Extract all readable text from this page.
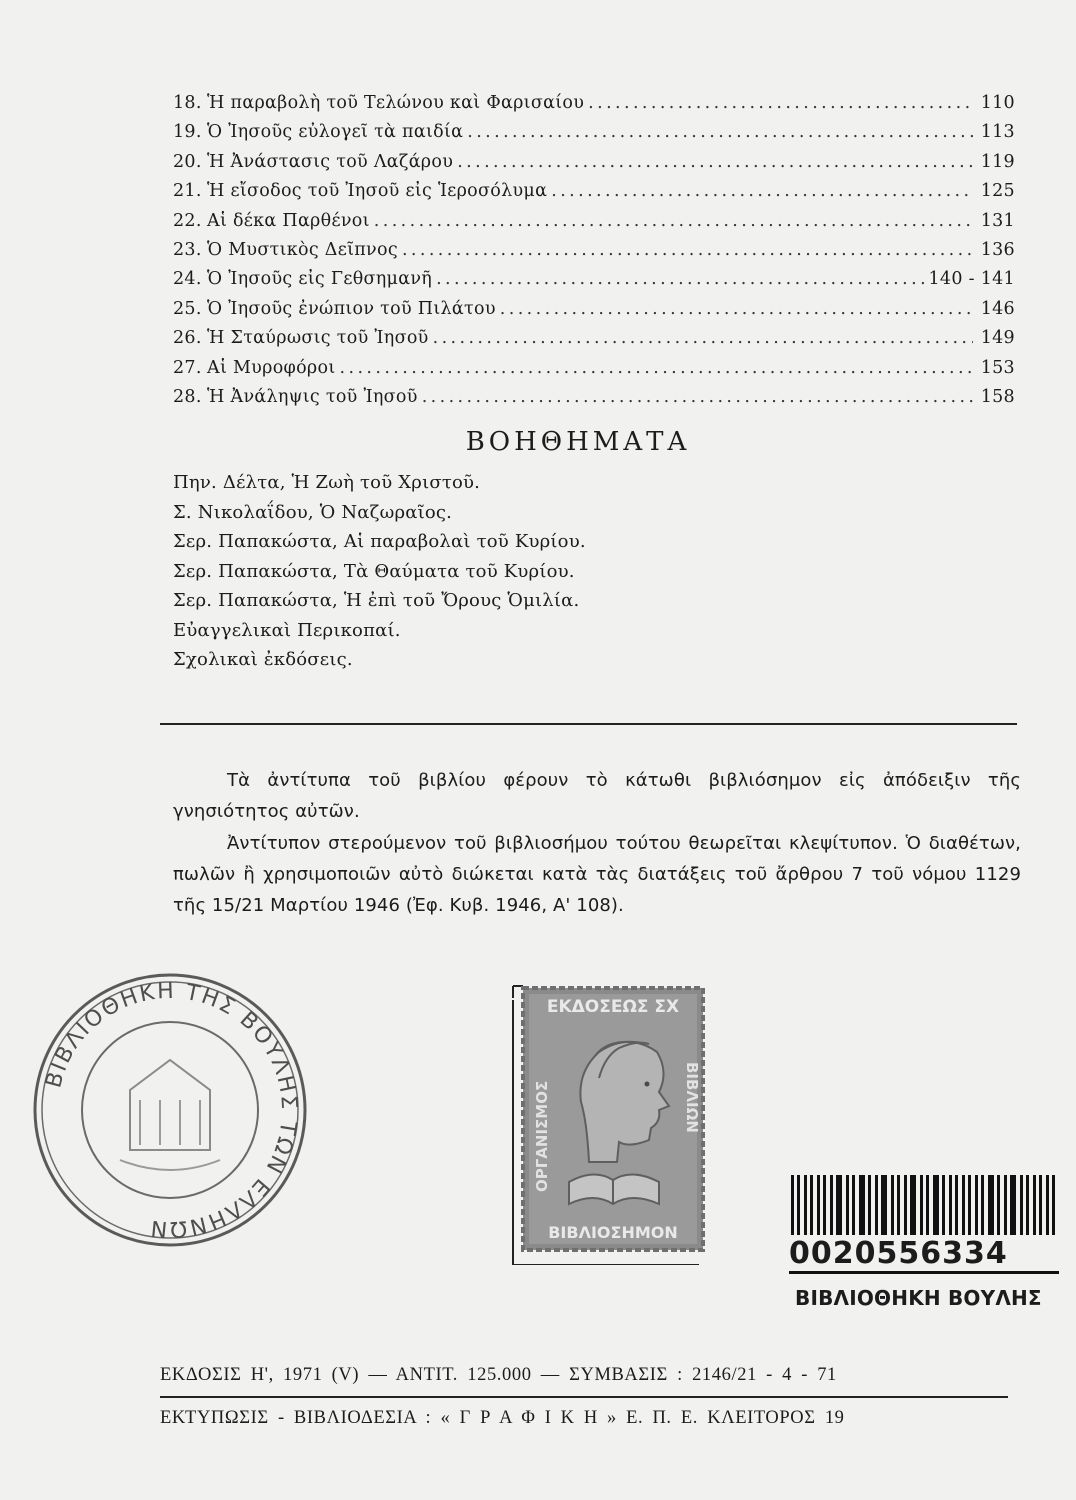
18. Ἡ παραβολὴ τοῦ Τελώνου καὶ Φαρισαίου .....	110
19. Ὁ Ἰησοῦς εὐλογεῖ τὰ παιδία .....	113
20. Ἡ Ἀνάστασις τοῦ Λαζάρου .....	119
21. Ἡ εἴσοδος τοῦ Ἰησοῦ εἰς Ἱεροσόλυμα .....	125
22. Αἱ δέκα Παρθένοι .....	131
23. Ὁ Μυστικὸς Δεῖπνος .....	136
24. Ὁ Ἰησοῦς εἰς Γεθσημανῆ .....	140 - 141
25. Ὁ Ἰησοῦς ἐνώπιον τοῦ Πιλάτου .....	146
26. Ἡ Σταύρωσις τοῦ Ἰησοῦ .....	149
27. Αἱ Μυροφόροι .....	153
28. Ἡ Ἀνάληψις τοῦ Ἰησοῦ .....	158
ΒΟΗΘΗΜΑΤΑ
Πην. Δέλτα, Ἡ Ζωὴ τοῦ Χριστοῦ.
Σ. Νικολαΐδου, Ὁ Ναζωραῖος.
Σερ. Παπακώστα, Αἱ παραβολαὶ τοῦ Κυρίου.
Σερ. Παπακώστα, Τὰ Θαύματα τοῦ Κυρίου.
Σερ. Παπακώστα, Ἡ ἐπὶ τοῦ Ὄρους Ὁμιλία.
Εὐαγγελικαὶ Περικοπαί.
Σχολικαὶ ἐκδόσεις.

Τὰ ἀντίτυπα τοῦ βιβλίου φέρουν τὸ κάτωθι βιβλιόσημον εἰς ἀπόδειξιν τῆς γνησιότητος αὐτῶν.

Ἀντίτυπον στερούμενον τοῦ βιβλιοσήμου τούτου θεωρεῖται κλεψίτυπον. Ὁ διαθέτων, πωλῶν ἢ χρησιμοποιῶν αὐτὸ διώκεται κατὰ τὰς διατάξεις τοῦ ἄρθρου 7 τοῦ νόμου 1129 τῆς 15/21 Μαρτίου 1946 (Ἐφ. Κυβ. 1946, Α' 108).

ΒΙΒΛΙΟΘΗΚΗ ΤΗΣ ΒΟΥΛΗΣ ΤΩΝ ΕΛΛΗΝΩΝ
ΕΚΔΟΣΕΩΣ ΣΧ
ΒΙΒΛΙΟΣΗΜΟΝ
ΟΡΓΑΝΙΣΜΟΣ	ΒΙΒΛΙΩΝ
0020556334
ΒΙΒΛΙΟΘΗΚΗ ΒΟΥΛΗΣ
ΕΚΔΟΣΙΣ Η', 1971 (V) — ΑΝΤΙΤ. 125.000 — ΣΥΜΒΑΣΙΣ : 2146/21 - 4 - 71
ΕΚΤΥΠΩΣΙΣ - ΒΙΒΛΙΟΔΕΣΙΑ : « Γ Ρ Α Φ Ι Κ Η » Ε. Π. Ε. ΚΛΕΙΤΟΡΟΣ 19
